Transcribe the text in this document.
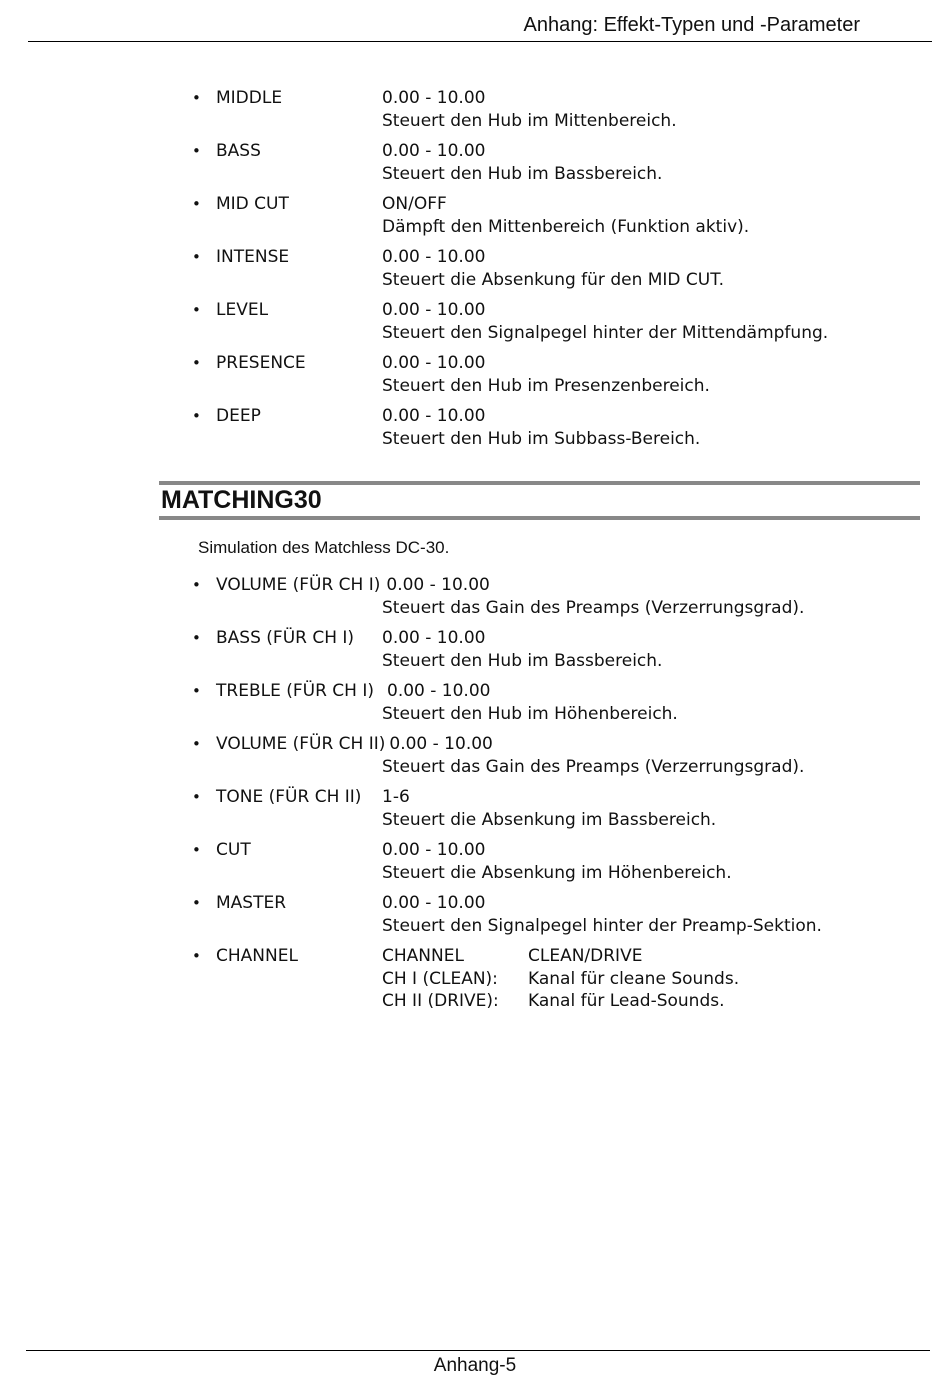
Anhang: Effekt-Typen und -Parameter
• MIDDLE	0.00 - 10.00
Steuert den Hub im Mittenbereich.
• BASS	0.00 - 10.00
Steuert den Hub im Bassbereich.
• MID CUT	ON/OFF
Dämpft den Mittenbereich (Funktion aktiv).
• INTENSE	0.00 - 10.00
Steuert die Absenkung für den MID CUT.
• LEVEL	0.00 - 10.00
Steuert den Signalpegel hinter der Mittendämpfung.
• PRESENCE	0.00 - 10.00
Steuert den Hub im Presenzenbereich.
• DEEP	0.00 - 10.00
Steuert den Hub im Subbass-Bereich.
MATCHING30
Simulation des Matchless DC-30.
• VOLUME (FÜR CH I) 0.00 - 10.00
Steuert das Gain des Preamps (Verzerrungsgrad).
• BASS (FÜR CH I) 0.00 - 10.00
Steuert den Hub im Bassbereich.
• TREBLE (FÜR CH I) 0.00 - 10.00
Steuert den Hub im Höhenbereich.
• VOLUME (FÜR CH II) 0.00 - 10.00
Steuert das Gain des Preamps (Verzerrungsgrad).
• TONE (FÜR CH II) 1-6
Steuert die Absenkung im Bassbereich.
• CUT	0.00 - 10.00
Steuert die Absenkung im Höhenbereich.
• MASTER	0.00 - 10.00
Steuert den Signalpegel hinter der Preamp-Sektion.
• CHANNEL	CHANNEL	CLEAN/DRIVE
CH I (CLEAN): Kanal für cleane Sounds.
CH II (DRIVE): Kanal für Lead-Sounds.
Anhang-5
